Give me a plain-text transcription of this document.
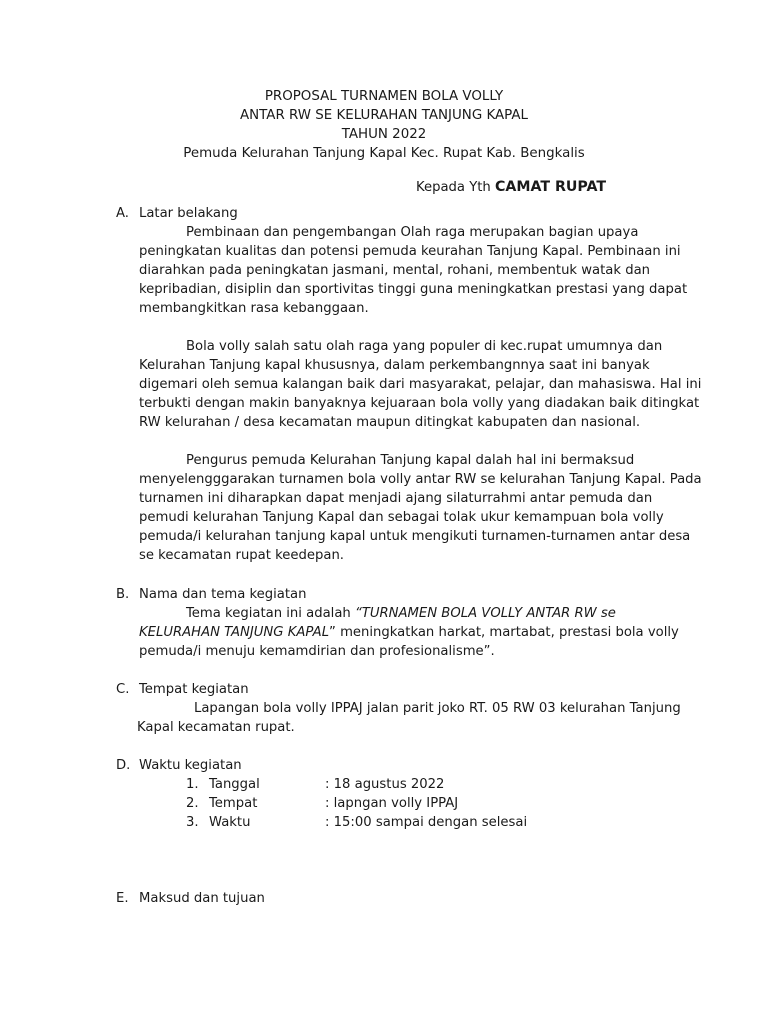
PROPOSAL TURNAMEN BOLA VOLLY
ANTAR RW SE KELURAHAN TANJUNG KAPAL
TAHUN 2022
Pemuda Kelurahan Tanjung Kapal Kec. Rupat Kab. Bengkalis
Kepada Yth CAMAT RUPAT
A. Latar belakang
Pembinaan dan pengembangan Olah raga merupakan bagian upaya
peningkatan kualitas dan potensi pemuda keurahan Tanjung Kapal. Pembinaan ini
diarahkan pada peningkatan jasmani, mental, rohani, membentuk watak dan
kepribadian, disiplin dan sportivitas tinggi guna meningkatkan prestasi yang dapat
membangkitkan rasa kebanggaan.
Bola volly salah satu olah raga yang populer di kec.rupat umumnya dan
Kelurahan Tanjung kapal khususnya, dalam perkembangnnya saat ini banyak
digemari oleh semua kalangan baik dari masyarakat, pelajar, dan mahasiswa. Hal ini
terbukti dengan makin banyaknya kejuaraan bola volly yang diadakan baik ditingkat
RW kelurahan / desa kecamatan maupun ditingkat kabupaten dan nasional.
Pengurus pemuda Kelurahan Tanjung kapal dalah hal ini bermaksud
menyelengggarakan turnamen bola volly antar RW se kelurahan Tanjung Kapal. Pada
turnamen ini diharapkan dapat menjadi ajang silaturrahmi antar pemuda dan
pemudi kelurahan Tanjung Kapal dan sebagai tolak ukur kemampuan bola volly
pemuda/i kelurahan tanjung kapal untuk mengikuti turnamen-turnamen antar desa
se kecamatan rupat keedepan.
B. Nama dan tema kegiatan
Tema kegiatan ini adalah “TURNAMEN BOLA VOLLY ANTAR RW se
KELURAHAN TANJUNG KAPAL” meningkatkan harkat, martabat, prestasi bola volly
pemuda/i menuju kemamdirian dan profesionalisme”.
C. Tempat kegiatan
Lapangan bola volly IPPAJ jalan parit joko RT. 05 RW 03 kelurahan Tanjung
Kapal kecamatan rupat.
D. Waktu kegiatan
1. Tanggal	: 18 agustus 2022
2. Tempat	: lapngan volly IPPAJ
3. Waktu	: 15:00 sampai dengan selesai
E. Maksud dan tujuan
